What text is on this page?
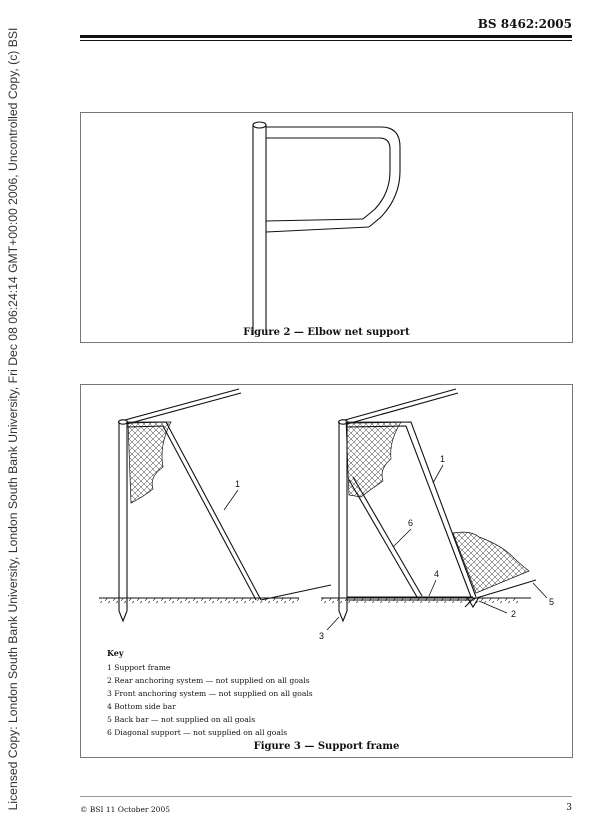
Licensed Copy: London South Bank University, London South Bank University, Fri Dec 08 06:24:14 GMT+00:00 2006, Uncontrolled Copy, (c) BSI
BS 8462:2005
Figure 2 — Elbow net support
1
1
6
4
2
5
3
Key
1 Support frame
2 Rear anchoring system — not supplied on all goals
3 Front anchoring system — not supplied on all goals
4 Bottom side bar
5 Back bar — not supplied on all goals
6 Diagonal support — not supplied on all goals
Figure 3 — Support frame
© BSI 11 October 2005	3
